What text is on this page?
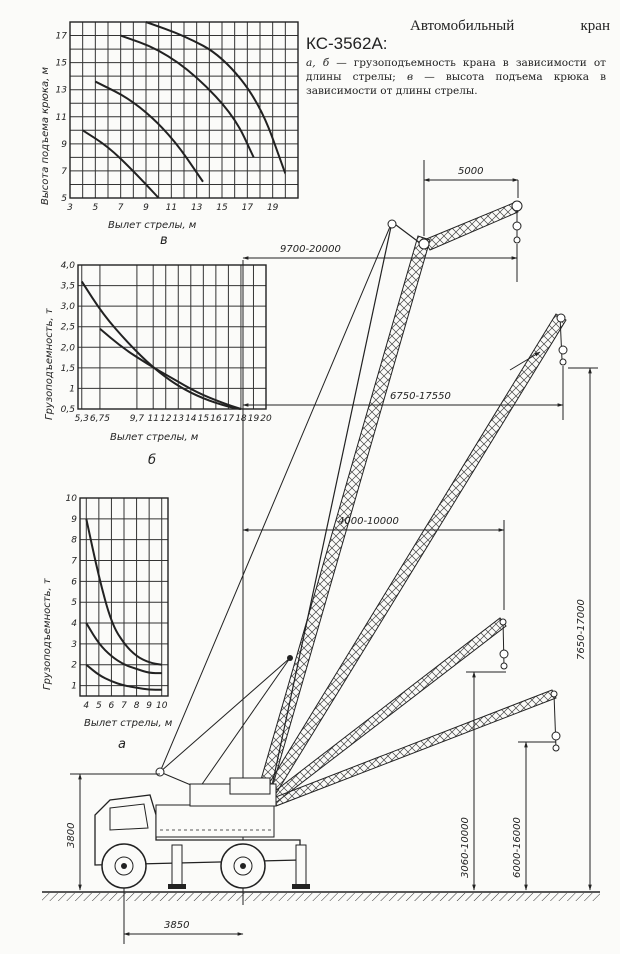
Автомобильный кран
КС-3562А:
а, б — грузоподъемность крана в зависимости от длины стрелы; в — высота подъема крюка в зависимости от длины стрелы.
3 5 7 9 11 13 15 17 19
5
7
9
11
13
15
17
Вылет стрелы, м
Высота подъема крюка, м
в
5,3 6,75 9,7 11 12 13 14 15 16 17 18 19 20
0,5
1
1,5
2,0
2,5
3,0
3,5
4,0
Вылет стрелы, м
Грузоподъемность, т
б
4 5 6 7 8 9 10
1
2
3
4
5
6
7
8
9
10
Вылет стрелы, м
Грузоподъемность, т
а
5000
9700-20000
6750-17550
4000-10000
7650-17000
3060-10000	6000-16000
3800
3850
